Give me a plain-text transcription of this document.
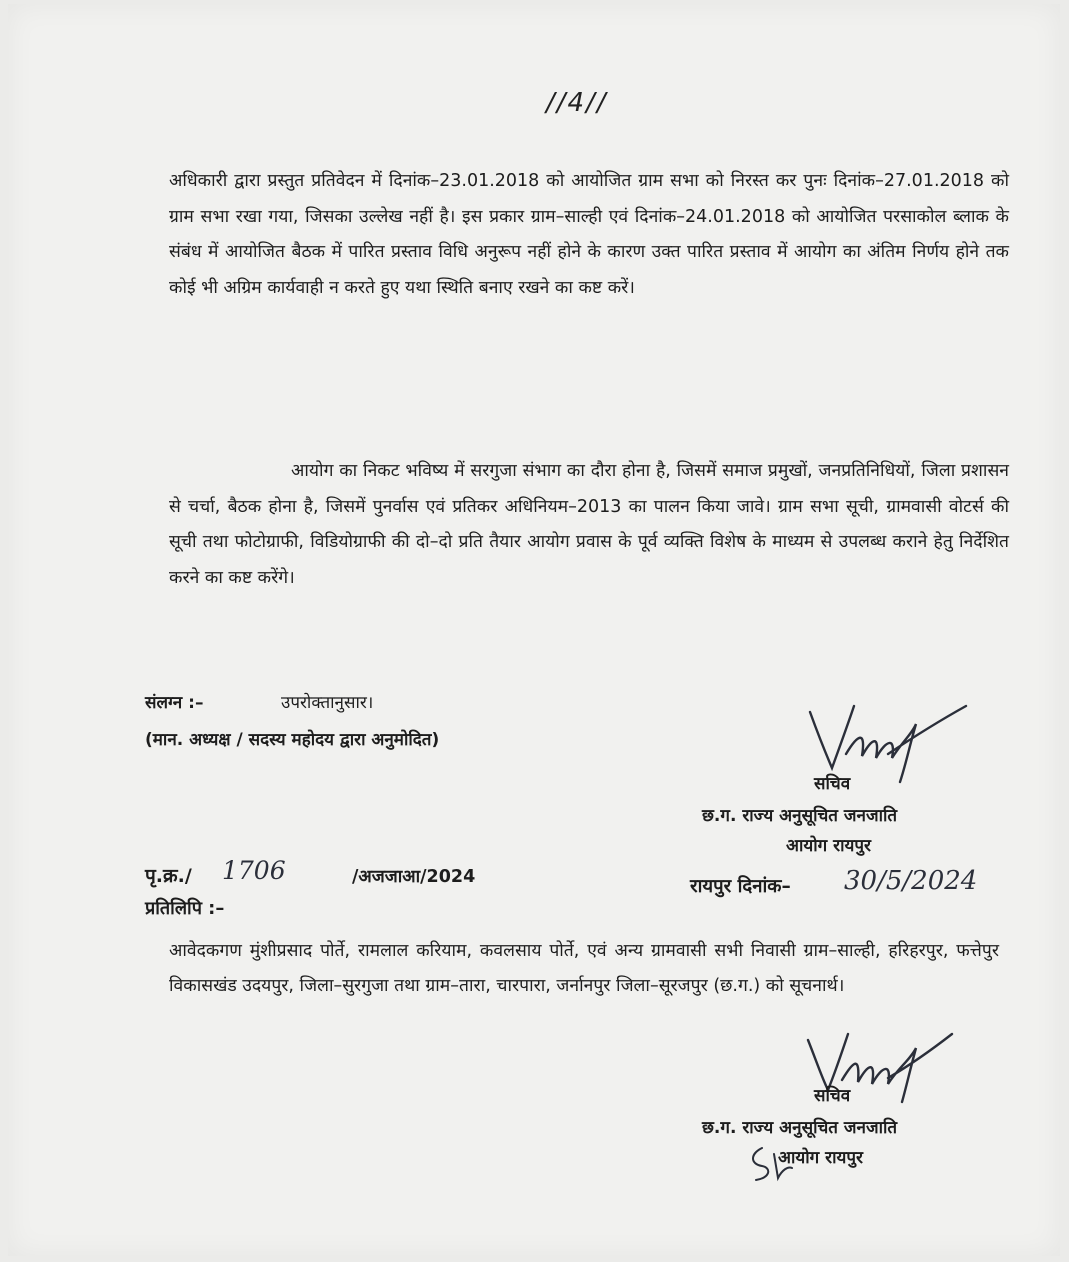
//4//
अधिकारी द्वारा प्रस्तुत प्रतिवेदन में दिनांक–23.01.2018 को आयोजित ग्राम सभा को निरस्त कर पुनः दिनांक–27.01.2018 को ग्राम सभा रखा गया, जिसका उल्लेख नहीं है। इस प्रकार ग्राम–साल्ही एवं दिनांक–24.01.2018 को आयोजित परसाकोल ब्लाक के संबंध में आयोजित बैठक में पारित प्रस्ताव विधि अनुरूप नहीं होने के कारण उक्त पारित प्रस्ताव में आयोग का अंतिम निर्णय होने तक कोई भी अग्रिम कार्यवाही न करते हुए यथा स्थिति बनाए रखने का कष्ट करें।
आयोग का निकट भविष्य में सरगुजा संभाग का दौरा होना है, जिसमें समाज प्रमुखों, जनप्रतिनिधियों, जिला प्रशासन से चर्चा, बैठक होना है, जिसमें पुनर्वास एवं प्रतिकर अधिनियम–2013 का पालन किया जावे। ग्राम सभा सूची, ग्रामवासी वोटर्स की सूची तथा फोटोग्राफी, विडियोग्राफी की दो–दो प्रति तैयार आयोग प्रवास के पूर्व व्यक्ति विशेष के माध्यम से उपलब्ध कराने हेतु निर्देशित करने का कष्ट करेंगे।
संलग्न :–	उपरोक्तानुसार।
(मान. अध्यक्ष / सदस्य महोदय द्वारा अनुमोदित)
सचिव
छ.ग. राज्य अनुसूचित जनजाति
आयोग रायपुर
पृ.क्र./ 1706	/अजजाआ/2024	रायपुर दिनांक– 30/5/2024
प्रतिलिपि :–
आवेदकगण मुंशीप्रसाद पोर्ते, रामलाल करियाम, कवलसाय पोर्ते, एवं अन्य ग्रामवासी सभी निवासी ग्राम–साल्ही, हरिहरपुर, फत्तेपुर विकासखंड उदयपुर, जिला–सुरगुजा तथा ग्राम–तारा, चारपारा, जर्नानपुर जिला–सूरजपुर (छ.ग.) को सूचनार्थ।
सचिव
छ.ग. राज्य अनुसूचित जनजाति
आयोग रायपुर
